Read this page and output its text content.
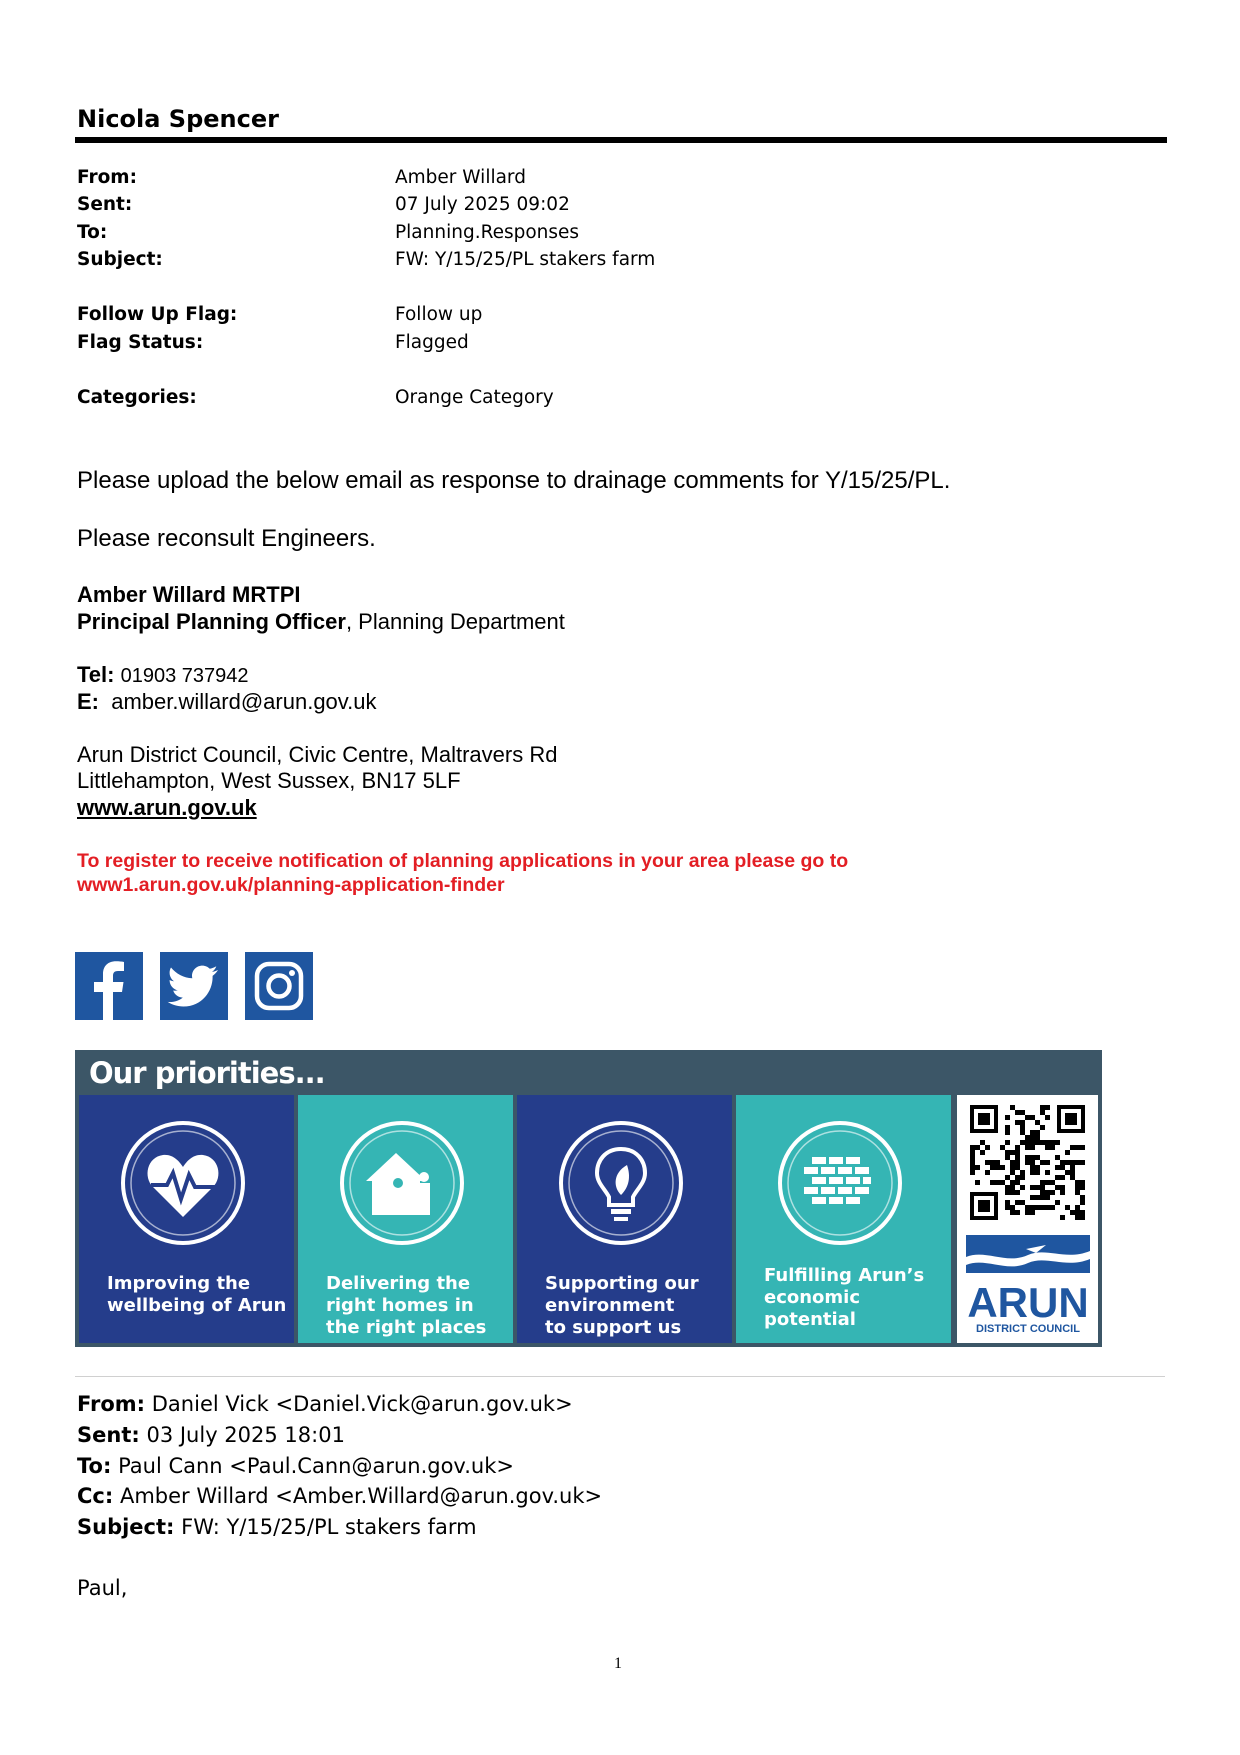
Nicola Spencer
From:	Amber Willard
Sent:	07 July 2025 09:02
To:	Planning.Responses
Subject:	FW: Y/15/25/PL stakers farm
Follow Up Flag:	Follow up
Flag Status:	Flagged
Categories:	Orange Category
Please upload the below email as response to drainage comments for Y/15/25/PL.
Please reconsult Engineers.
Amber Willard MRTPI
Principal Planning Officer, Planning Department
Tel: 01903 737942
E: amber.willard@arun.gov.uk
Arun District Council, Civic Centre, Maltravers Rd
Littlehampton, West Sussex, BN17 5LF
www.arun.gov.uk
To register to receive notification of planning applications in your area please go to
www1.arun.gov.uk/planning-application-finder
Our priorities...
Improving the
wellbeing of Arun
Delivering the
right homes in
the right places
Supporting our
environment
to support us
Fulfilling Arun’s
economic potential	ARUN
DISTRICT COUNCIL
From: Daniel Vick <Daniel.Vick@arun.gov.uk>
Sent: 03 July 2025 18:01
To: Paul Cann <Paul.Cann@arun.gov.uk>
Cc: Amber Willard <Amber.Willard@arun.gov.uk>
Subject: FW: Y/15/25/PL stakers farm
Paul,
1
